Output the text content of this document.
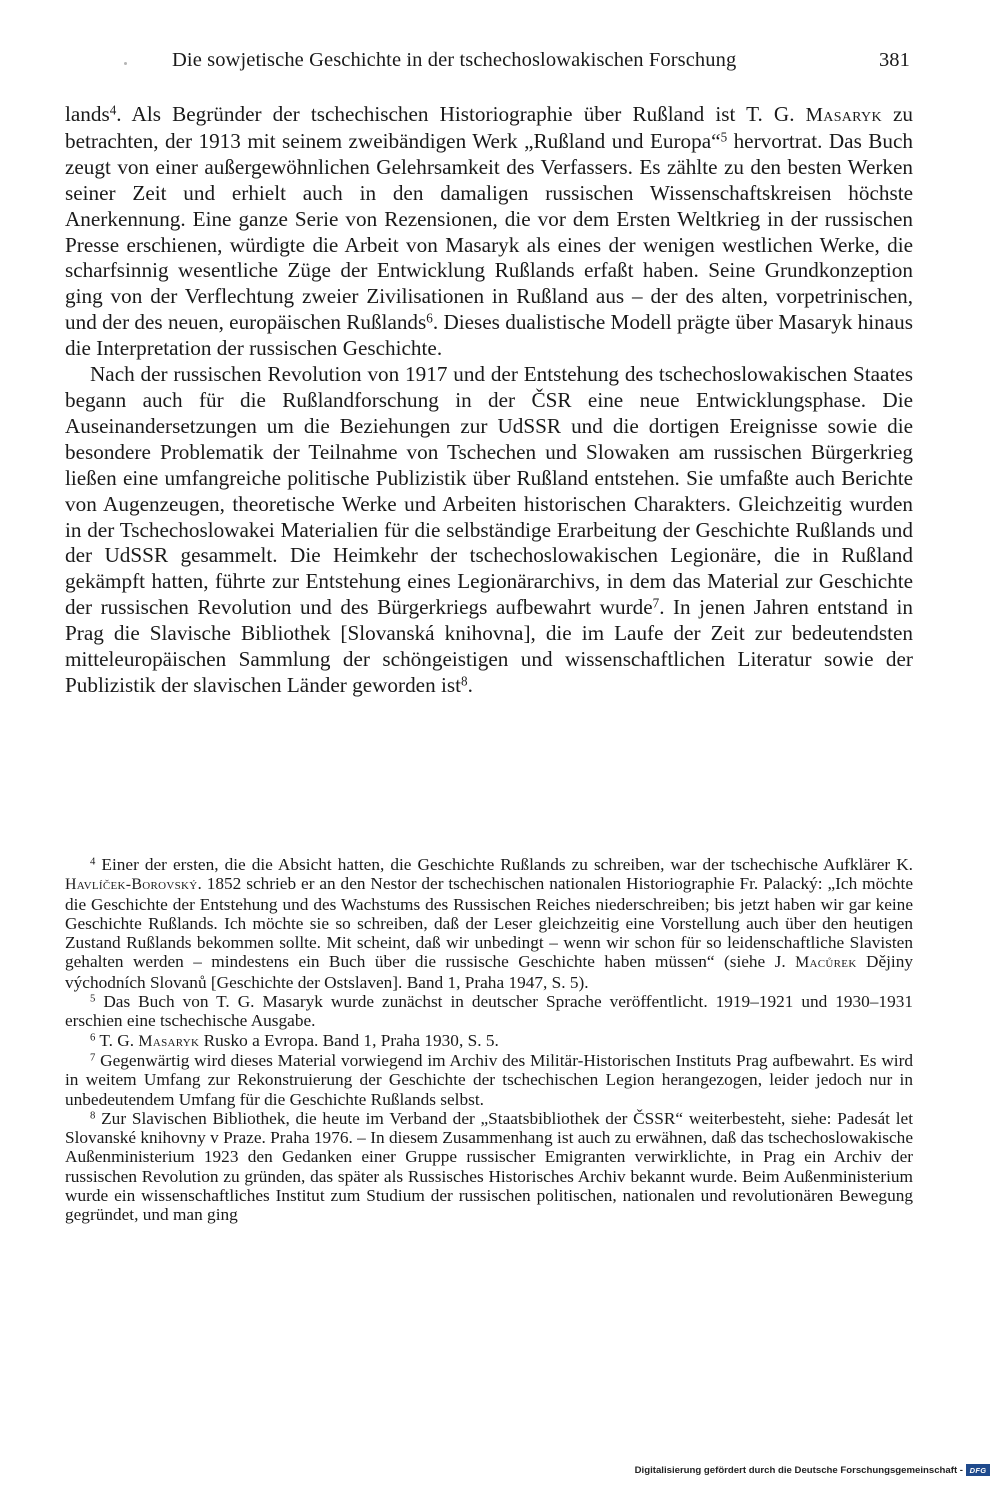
Die sowjetische Geschichte in der tschechoslowakischen Forschung	381

lands$^4$. Als Begründer der tschechischen Historiographie über Rußland ist T. G. Masaryk zu betrachten, der 1913 mit seinem zweibändigen Werk „Rußland und Europa“$^5$ hervortrat. Das Buch zeugt von einer außergewöhnlichen Gelehrsamkeit des Verfassers. Es zählte zu den besten Werken seiner Zeit und erhielt auch in den damaligen russischen Wissenschaftskreisen höchste Anerkennung. Eine ganze Serie von Rezensionen, die vor dem Ersten Weltkrieg in der russischen Presse erschienen, würdigte die Arbeit von Masaryk als eines der wenigen westlichen Werke, die scharfsinnig wesentliche Züge der Entwicklung Rußlands erfaßt haben. Seine Grundkonzeption ging von der Verflechtung zweier Zivilisationen in Rußland aus – der des alten, vorpetrinischen, und der des neuen, europäischen Rußlands$^6$. Dieses dualistische Modell prägte über Masaryk hinaus die Interpretation der russischen Geschichte.

Nach der russischen Revolution von 1917 und der Entstehung des tschechoslowakischen Staates begann auch für die Rußlandforschung in der ČSR eine neue Entwicklungsphase. Die Auseinandersetzungen um die Beziehungen zur UdSSR und die dortigen Ereignisse sowie die besondere Problematik der Teilnahme von Tschechen und Slowaken am russischen Bürgerkrieg ließen eine umfangreiche politische Publizistik über Rußland entstehen. Sie umfaßte auch Berichte von Augenzeugen, theoretische Werke und Arbeiten historischen Charakters. Gleichzeitig wurden in der Tschechoslowakei Materialien für die selbständige Erarbeitung der Geschichte Rußlands und der UdSSR gesammelt. Die Heimkehr der tschechoslowakischen Legionäre, die in Rußland gekämpft hatten, führte zur Entstehung eines Legionärarchivs, in dem das Material zur Geschichte der russischen Revolution und des Bürgerkriegs aufbewahrt wurde$^7$. In jenen Jahren entstand in Prag die Slavische Bibliothek [Slovanská knihovna], die im Laufe der Zeit zur bedeutendsten mitteleuropäischen Sammlung der schöngeistigen und wissenschaftlichen Literatur sowie der Publizistik der slavischen Länder geworden ist$^8$.

$^4$ Einer der ersten, die die Absicht hatten, die Geschichte Rußlands zu schreiben, war der tschechische Aufklärer K. Havlíček-Borovský. 1852 schrieb er an den Nestor der tschechischen nationalen Historiographie Fr. Palacký: „Ich möchte die Geschichte der Entstehung und des Wachstums des Russischen Reiches niederschreiben; bis jetzt haben wir gar keine Geschichte Rußlands. Ich möchte sie so schreiben, daß der Leser gleichzeitig eine Vorstellung auch über den heutigen Zustand Rußlands bekommen sollte. Mit scheint, daß wir unbedingt – wenn wir schon für so leidenschaftliche Slavisten gehalten werden – mindestens ein Buch über die russische Geschichte haben müssen“ (siehe J. Macůrek Dějiny východních Slovanů [Geschichte der Ostslaven]. Band 1, Praha 1947, S. 5).

$^5$ Das Buch von T. G. Masaryk wurde zunächst in deutscher Sprache veröffentlicht. 1919–1921 und 1930–1931 erschien eine tschechische Ausgabe.

$^6$ T. G. Masaryk Rusko a Evropa. Band 1, Praha 1930, S. 5.

$^7$ Gegenwärtig wird dieses Material vorwiegend im Archiv des Militär-Historischen Instituts Prag aufbewahrt. Es wird in weitem Umfang zur Rekonstruierung der Geschichte der tschechischen Legion herangezogen, leider jedoch nur in unbedeutendem Umfang für die Geschichte Rußlands selbst.

$^8$ Zur Slavischen Bibliothek, die heute im Verband der „Staatsbibliothek der ČSSR“ weiterbesteht, siehe: Padesát let Slovanské knihovny v Praze. Praha 1976. – In diesem Zusammenhang ist auch zu erwähnen, daß das tschechoslowakische Außenministerium 1923 den Gedanken einer Gruppe russischer Emigranten verwirklichte, in Prag ein Archiv der russischen Revolution zu gründen, das später als Russisches Historisches Archiv bekannt wurde. Beim Außenministerium wurde ein wissenschaftliches Institut zum Studium der russischen politischen, nationalen und revolutionären Bewegung gegründet, und man ging

Digitalisierung gefördert durch die Deutsche Forschungsgemeinschaft - DFG
